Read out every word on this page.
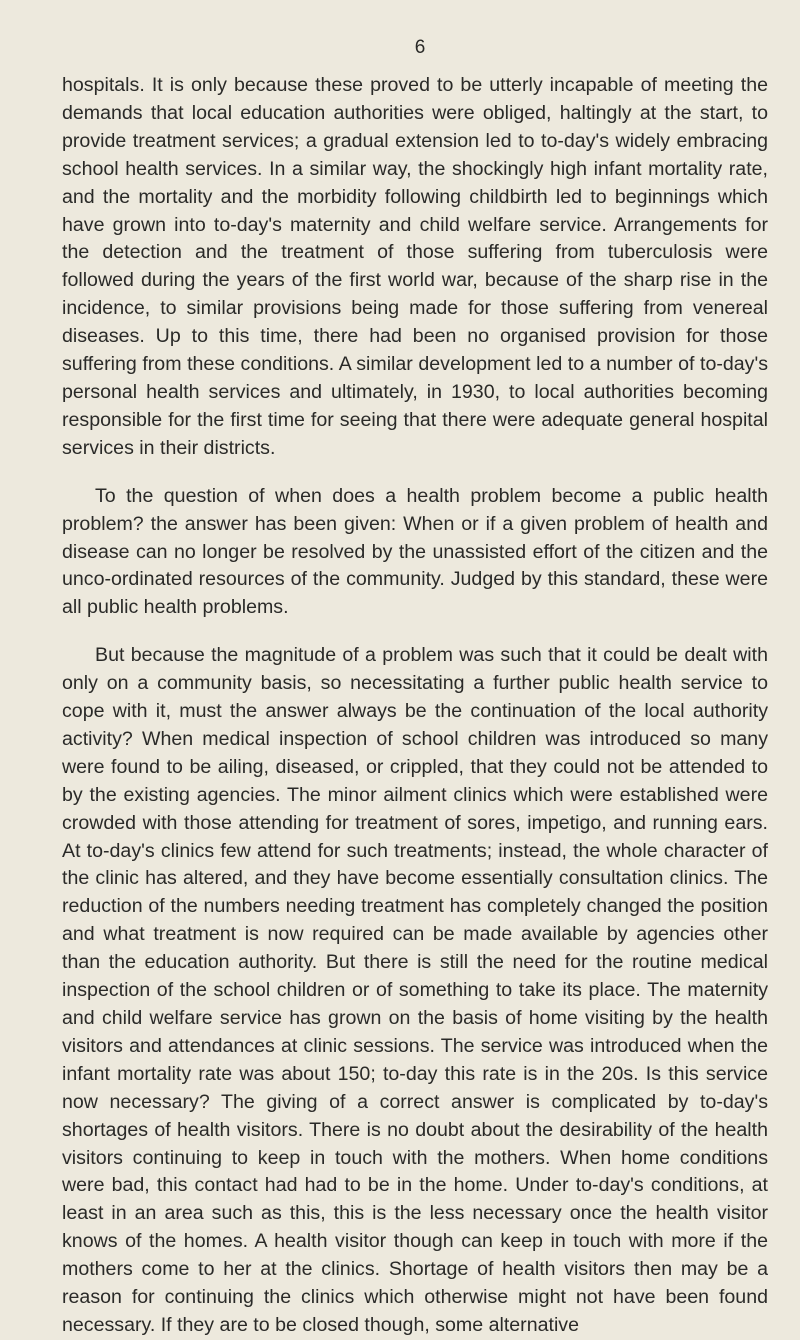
6

hospitals. It is only because these proved to be utterly incapable of meeting the demands that local education authorities were obliged, haltingly at the start, to provide treatment services; a gradual extension led to to-day's widely embracing school health services. In a similar way, the shockingly high infant mortality rate, and the mortality and the morbidity following childbirth led to beginnings which have grown into to-day's maternity and child welfare service. Arrangements for the detection and the treatment of those suffering from tuberculosis were followed during the years of the first world war, because of the sharp rise in the incidence, to similar provisions being made for those suffering from venereal diseases. Up to this time, there had been no organised provision for those suffering from these conditions. A similar development led to a number of to-day's personal health services and ultimately, in 1930, to local authorities becoming responsible for the first time for seeing that there were adequate general hospital services in their districts.

To the question of when does a health problem become a public health problem? the answer has been given: When or if a given problem of health and disease can no longer be resolved by the unassisted effort of the citizen and the unco-ordinated resources of the community. Judged by this standard, these were all public health problems.

But because the magnitude of a problem was such that it could be dealt with only on a community basis, so necessitating a further public health service to cope with it, must the answer always be the continuation of the local authority activity? When medical inspection of school children was introduced so many were found to be ailing, diseased, or crippled, that they could not be attended to by the existing agencies. The minor ailment clinics which were established were crowded with those attending for treatment of sores, impetigo, and running ears. At to-day's clinics few attend for such treatments; instead, the whole character of the clinic has altered, and they have become essentially consultation clinics. The reduction of the numbers needing treatment has completely changed the position and what treatment is now required can be made available by agencies other than the education authority. But there is still the need for the routine medical inspection of the school children or of something to take its place. The maternity and child welfare service has grown on the basis of home visiting by the health visitors and attendances at clinic sessions. The service was introduced when the infant mortality rate was about 150; to-day this rate is in the 20s. Is this service now necessary? The giving of a correct answer is complicated by to-day's shortages of health visitors. There is no doubt about the desirability of the health visitors continuing to keep in touch with the mothers. When home conditions were bad, this contact had had to be in the home. Under to-day's conditions, at least in an area such as this, this is the less necessary once the health visitor knows of the homes. A health visitor though can keep in touch with more if the mothers come to her at the clinics. Shortage of health visitors then may be a reason for continuing the clinics which otherwise might not have been found necessary. If they are to be closed though, some alternative
